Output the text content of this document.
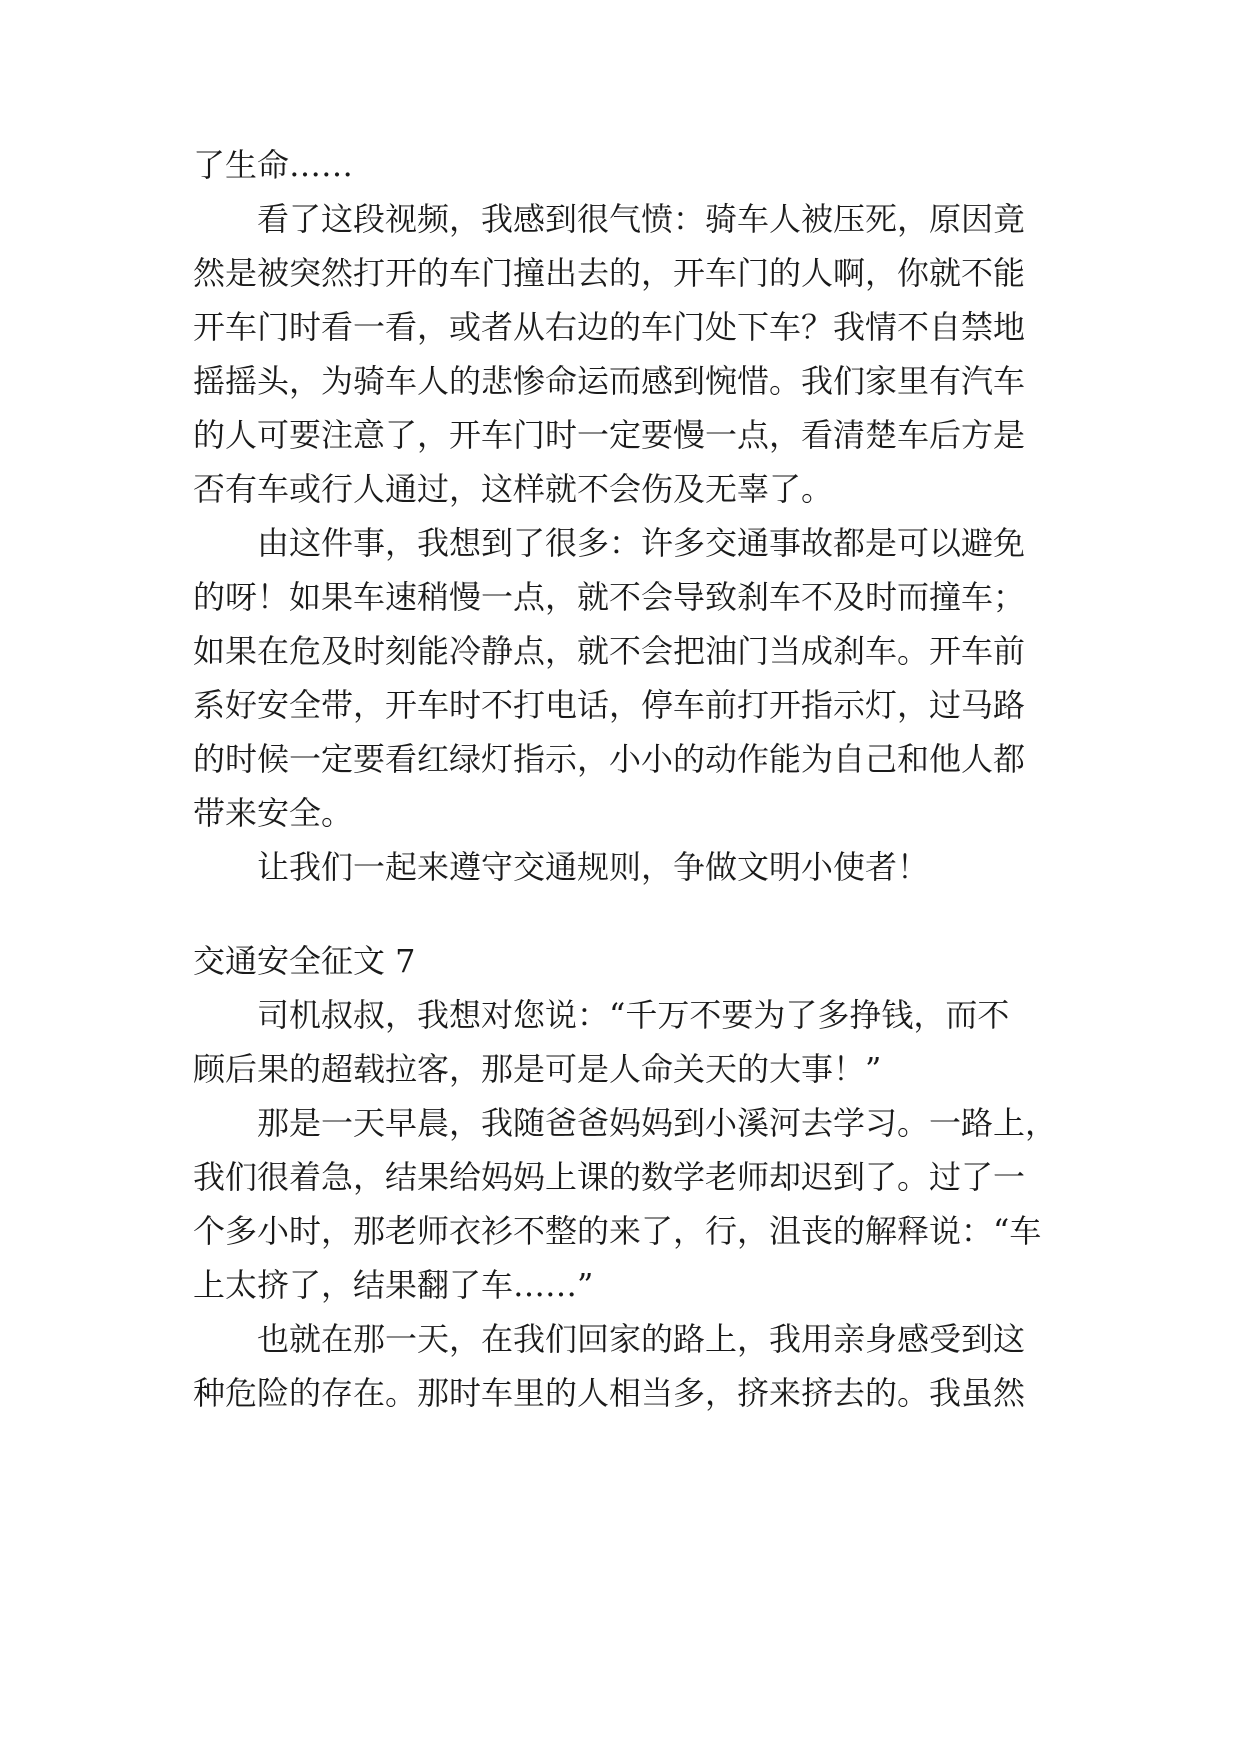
了生命……

看了这段视频，我感到很气愤：骑车人被压死，原因竟

然是被突然打开的车门撞出去的，开车门的人啊，你就不能

开车门时看一看，或者从右边的车门处下车？我情不自禁地

摇摇头，为骑车人的悲惨命运而感到惋惜。我们家里有汽车

的人可要注意了，开车门时一定要慢一点，看清楚车后方是

否有车或行人通过，这样就不会伤及无辜了。

由这件事，我想到了很多：许多交通事故都是可以避免

的呀！如果车速稍慢一点，就不会导致刹车不及时而撞车；

如果在危及时刻能冷静点，就不会把油门当成刹车。开车前

系好安全带，开车时不打电话，停车前打开指示灯，过马路

的时候一定要看红绿灯指示，小小的动作能为自己和他人都

带来安全。

让我们一起来遵守交通规则，争做文明小使者！

交通安全征文 7

司机叔叔，我想对您说：“千万不要为了多挣钱，而不

顾后果的超载拉客，那是可是人命关天的大事！”

那是一天早晨，我随爸爸妈妈到小溪河去学习。一路上，

我们很着急，结果给妈妈上课的数学老师却迟到了。过了一

个多小时，那老师衣衫不整的来了，行，沮丧的解释说：“车

上太挤了，结果翻了车……”

也就在那一天，在我们回家的路上，我用亲身感受到这

种危险的存在。那时车里的人相当多，挤来挤去的。我虽然
